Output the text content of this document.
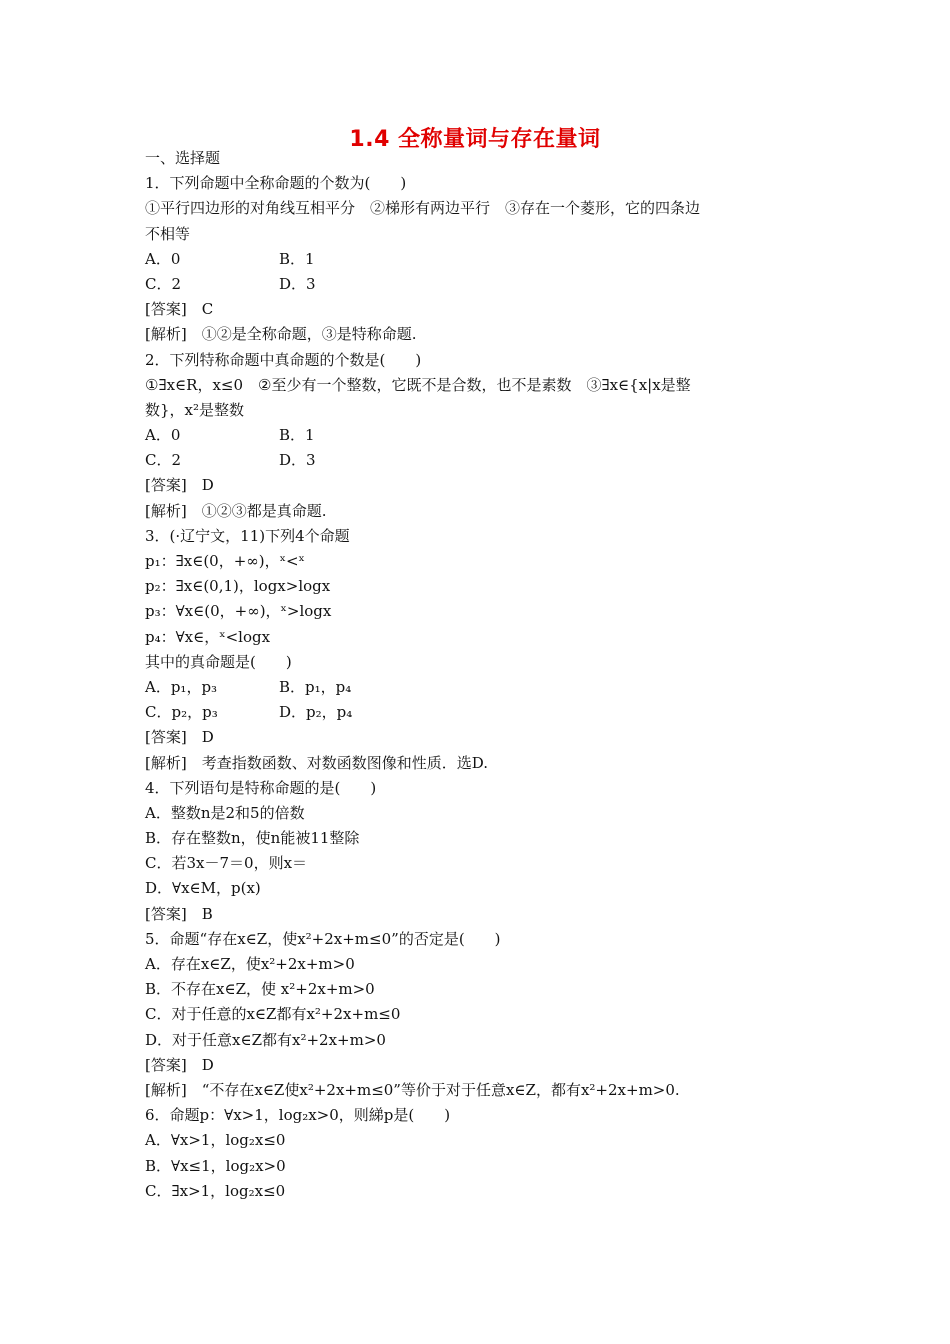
1.4 全称量词与存在量词
一、选择题
1．下列命题中全称命题的个数为(　　)
①平行四边形的对角线互相平分　②梯形有两边平行　③存在一个菱形，它的四条边
不相等
A．0	B．1
C．2	D．3
[答案]　C
[解析]　①②是全称命题，③是特称命题.
2．下列特称命题中真命题的个数是(　　)
①∃x∈R，x≤0　②至少有一个整数，它既不是合数，也不是素数　③∃x∈{x|x是整
数}，x²是整数
A．0	B．1
C．2	D．3
[答案]　D
[解析]　①②③都是真命题.
3．(·辽宁文，11)下列4个命题
p₁：∃x∈(0，+∞)，ˣ<ˣ
p₂：∃x∈(0,1)，logx>logx
p₃：∀x∈(0，+∞)，ˣ>logx
p₄：∀x∈，ˣ<logx
其中的真命题是(　　)
A．p₁，p₃	B．p₁，p₄
C．p₂，p₃	D．p₂，p₄
[答案]　D
[解析]　考查指数函数、对数函数图像和性质．选D.
4．下列语句是特称命题的是(　　)
A．整数n是2和5的倍数
B．存在整数n，使n能被11整除
C．若3x－7＝0，则x＝
D．∀x∈M，p(x)
[答案]　B
5．命题“存在x∈Z，使x²+2x+m≤0”的否定是(　　)
A．存在x∈Z，使x²+2x+m>0
B．不存在x∈Z，使 x²+2x+m>0
C．对于任意的x∈Z都有x²+2x+m≤0
D．对于任意x∈Z都有x²+2x+m>0
[答案]　D
[解析]　“不存在x∈Z使x²+2x+m≤0”等价于对于任意x∈Z，都有x²+2x+m>0.
6．命题p：∀x>1，log₂x>0，则綈p是(　　)
A．∀x>1，log₂x≤0
B．∀x≤1，log₂x>0
C．∃x>1，log₂x≤0
